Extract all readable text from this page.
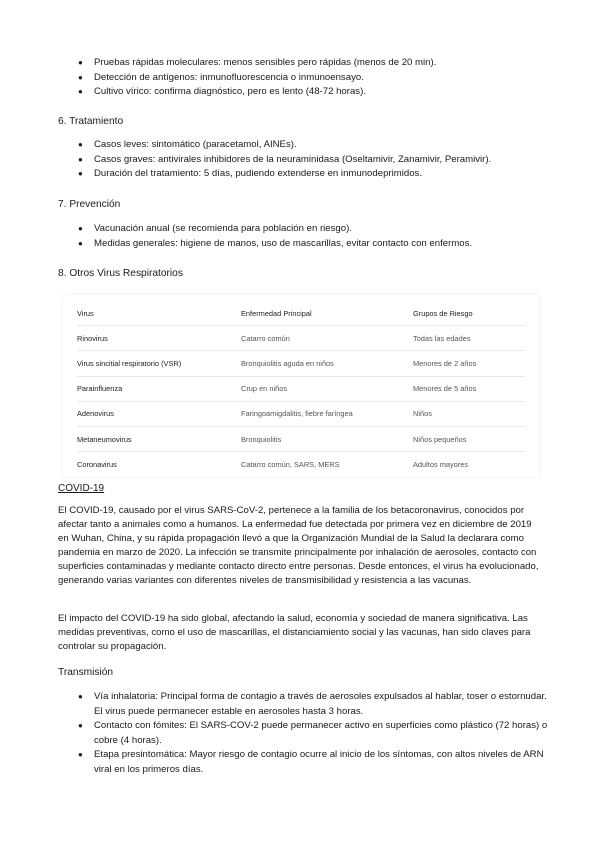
● Pruebas rápidas moleculares: menos sensibles pero rápidas (menos de 20 min).
● Detección de antígenos: inmunofluorescencia o inmunoensayo.
● Cultivo vírico: confirma diagnóstico, pero es lento (48-72 horas).
6. Tratamiento
● Casos leves: sintomático (paracetamol, AINEs).
● Casos graves: antivirales inhibidores de la neuraminidasa (Oseltamivir, Zanamivir, Peramivir).
● Duración del tratamiento: 5 días, pudiendo extenderse en inmunodeprimidos.
7. Prevención
● Vacunación anual (se recomienda para población en riesgo).
● Medidas generales: higiene de manos, uso de mascarillas, evitar contacto con enfermos.
8. Otros Virus Respiratorios
Virus	Enfermedad Principal	Grupos de Riesgo
Rinovirus	Catarro común	Todas las edades
Virus sincitial respiratorio (VSR)	Bronquiolitis aguda en niños	Menores de 2 años
Parainfluenza	Crup en niños	Menores de 5 años
Adenovirus	Faringoamigdalitis, fiebre faríngea	Niños
Metaneumovirus	Bronquiolitis	Niños pequeños
Coronavirus	Catarro común, SARS, MERS	Adultos mayores
COVID-19

El COVID-19, causado por el virus SARS-CoV-2, pertenece a la familia de los betacoronavirus, conocidos por afectar tanto a animales como a humanos. La enfermedad fue detectada por primera vez en diciembre de 2019 en Wuhan, China, y su rápida propagación llevó a que la Organización Mundial de la Salud la declarara como pandemia en marzo de 2020. La infección se transmite principalmente por inhalación de aerosoles, contacto con superficies contaminadas y mediante contacto directo entre personas. Desde entonces, el virus ha evolucionado, generando varias variantes con diferentes niveles de transmisibilidad y resistencia a las vacunas.

El impacto del COVID-19 ha sido global, afectando la salud, economía y sociedad de manera significativa. Las medidas preventivas, como el uso de mascarillas, el distanciamiento social y las vacunas, han sido claves para controlar su propagación.

Transmisión
● Vía inhalatoria: Principal forma de contagio a través de aerosoles expulsados al hablar, toser o estornudar. El virus puede permanecer estable en aerosoles hasta 3 horas.
● Contacto con fómites: El SARS-COV-2 puede permanecer activo en superficies como plástico (72 horas) o cobre (4 horas).
● Etapa presintomática: Mayor riesgo de contagio ocurre al inicio de los síntomas, con altos niveles de ARN viral en los primeros días.
